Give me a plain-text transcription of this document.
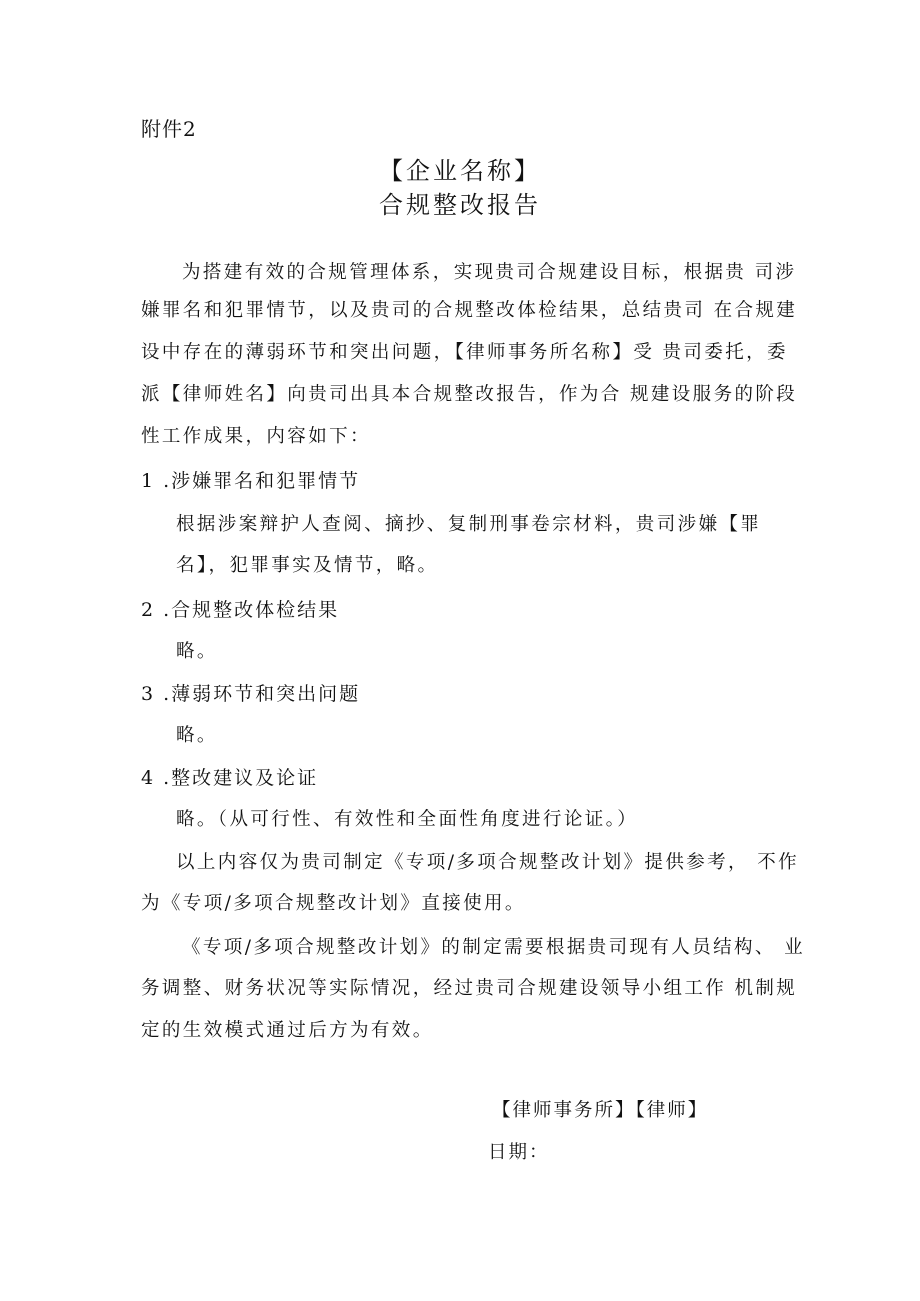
附件2
【企业名称】
合规整改报告
为搭建有效的合规管理体系，实现贵司合规建设目标，根据贵 司涉
嫌罪名和犯罪情节，以及贵司的合规整改体检结果，总结贵司 在合规建
设中存在的薄弱环节和突出问题，【律师事务所名称】受 贵司委托，委
派【律师姓名】向贵司出具本合规整改报告，作为合 规建设服务的阶段
性工作成果，内容如下：
1 .涉嫌罪名和犯罪情节
根据涉案辩护人查阅、摘抄、复制刑事卷宗材料，贵司涉嫌【罪
名】，犯罪事实及情节，略。
2 .合规整改体检结果
略。
3 .薄弱环节和突出问题
略。
4 .整改建议及论证
略。（从可行性、有效性和全面性角度进行论证。）
以上内容仅为贵司制定《专项/多项合规整改计划》提供参考， 不作
为《专项/多项合规整改计划》直接使用。
《专项/多项合规整改计划》的制定需要根据贵司现有人员结构、 业
务调整、财务状况等实际情况，经过贵司合规建设领导小组工作 机制规
定的生效模式通过后方为有效。
【律师事务所】【律师】
日期：
